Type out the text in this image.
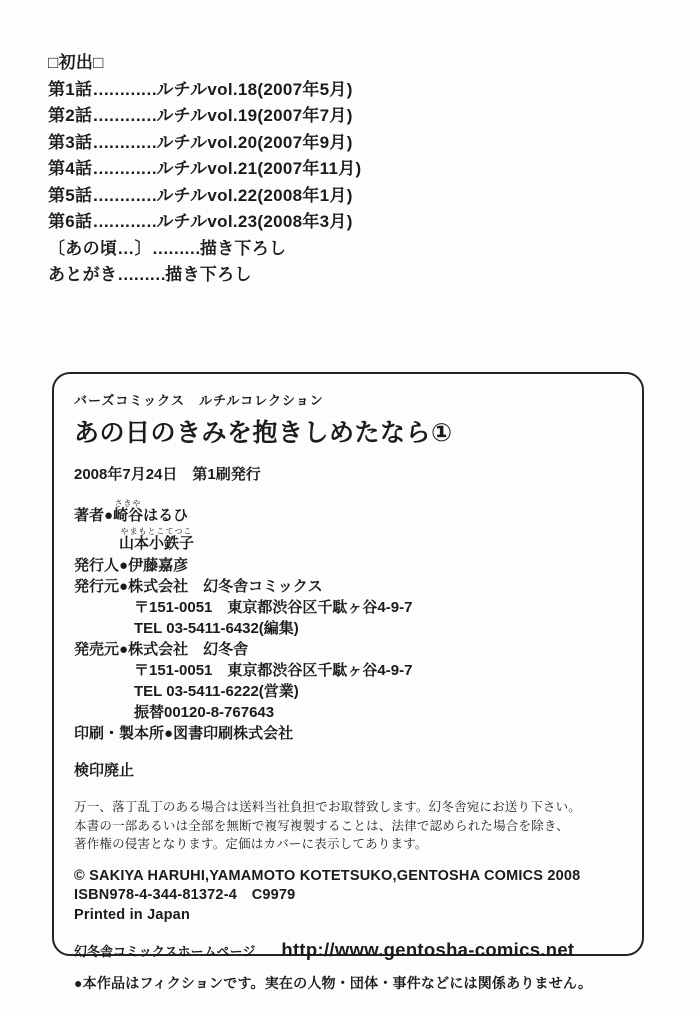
□初出□
第1話…………ルチルvol.18(2007年5月)
第2話…………ルチルvol.19(2007年7月)
第3話…………ルチルvol.20(2007年9月)
第4話…………ルチルvol.21(2007年11月)
第5話…………ルチルvol.22(2008年1月)
第6話…………ルチルvol.23(2008年3月)
〔あの頃…〕………描き下ろし
あとがき………描き下ろし
バーズコミックス　ルチルコレクション
あの日のきみを抱きしめたなら①
2008年7月24日　第1刷発行
著者●崎谷さきやはるひ
山本小鉄子やまもとこてつこ
発行人●伊藤嘉彦
発行元●株式会社　幻冬舎コミックス
〒151-0051　東京都渋谷区千駄ヶ谷4-9-7
TEL 03-5411-6432(編集)
発売元●株式会社　幻冬舎
〒151-0051　東京都渋谷区千駄ヶ谷4-9-7
TEL 03-5411-6222(営業)
振替00120-8-767643
印刷・製本所●図書印刷株式会社
検印廃止
万一、落丁乱丁のある場合は送料当社負担でお取替致します。幻冬舎宛にお送り下さい。
本書の一部あるいは全部を無断で複写複製することは、法律で認められた場合を除き、
著作権の侵害となります。定価はカバーに表示してあります。
© SAKIYA HARUHI,YAMAMOTO KOTETSUKO,GENTOSHA COMICS 2008
ISBN978-4-344-81372-4　C9979
Printed in Japan
幻冬舎コミックスホームページ http://www.gentosha-comics.net
●本作品はフィクションです。実在の人物・団体・事件などには関係ありません。
